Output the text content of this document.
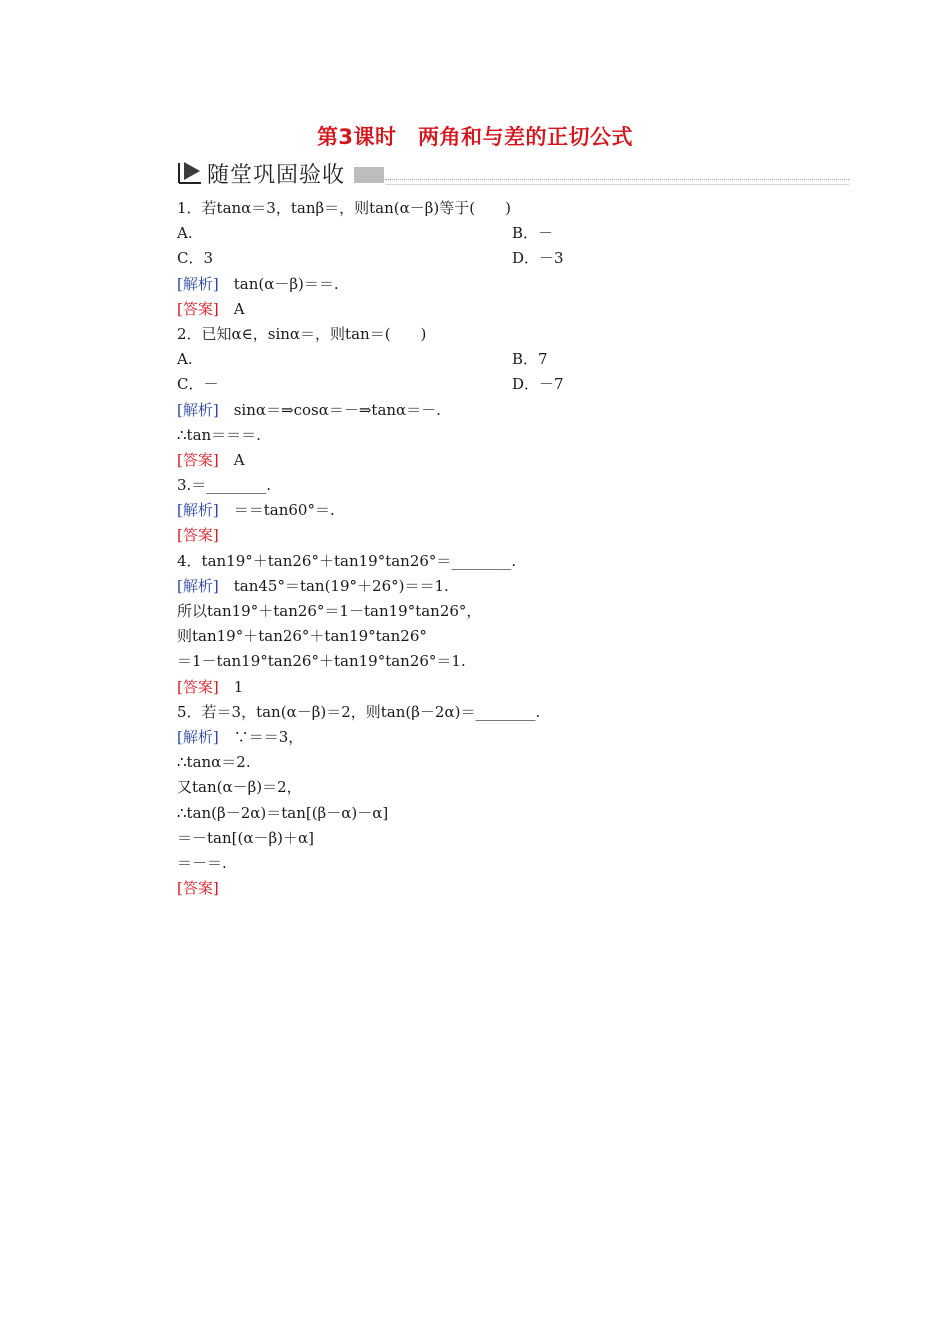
第3课时　两角和与差的正切公式
随堂巩固验收
1．若tanα＝3，tanβ＝，则tan(α－β)等于(　　)
A.	B．－
C．3	D．－3
[解析]　 tan(α－β)＝＝.
[答案]　 A
2．已知α∈，sinα＝，则tan＝(　　)
A.	B．7
C．－	D．－7
[解析]　 sinα＝⇒cosα＝－⇒tanα＝－.
∴tan＝＝＝.
[答案]　 A
3.＝________.
[解析]　 ＝＝tan60°＝.
[答案]
4．tan19°＋tan26°＋tan19°tan26°＝________.
[解析]　 tan45°＝tan(19°＋26°)＝＝1.
所以tan19°＋tan26°＝1－tan19°tan26°，
则tan19°＋tan26°＋tan19°tan26°
＝1－tan19°tan26°＋tan19°tan26°＝1.
[答案]　 1
5．若＝3，tan(α－β)＝2，则tan(β－2α)＝________.
[解析]　 ∵＝＝3，
∴tanα＝2.
又tan(α－β)＝2，
∴tan(β－2α)＝tan[(β－α)－α]
＝－tan[(α－β)＋α]
＝－＝.
[答案]
